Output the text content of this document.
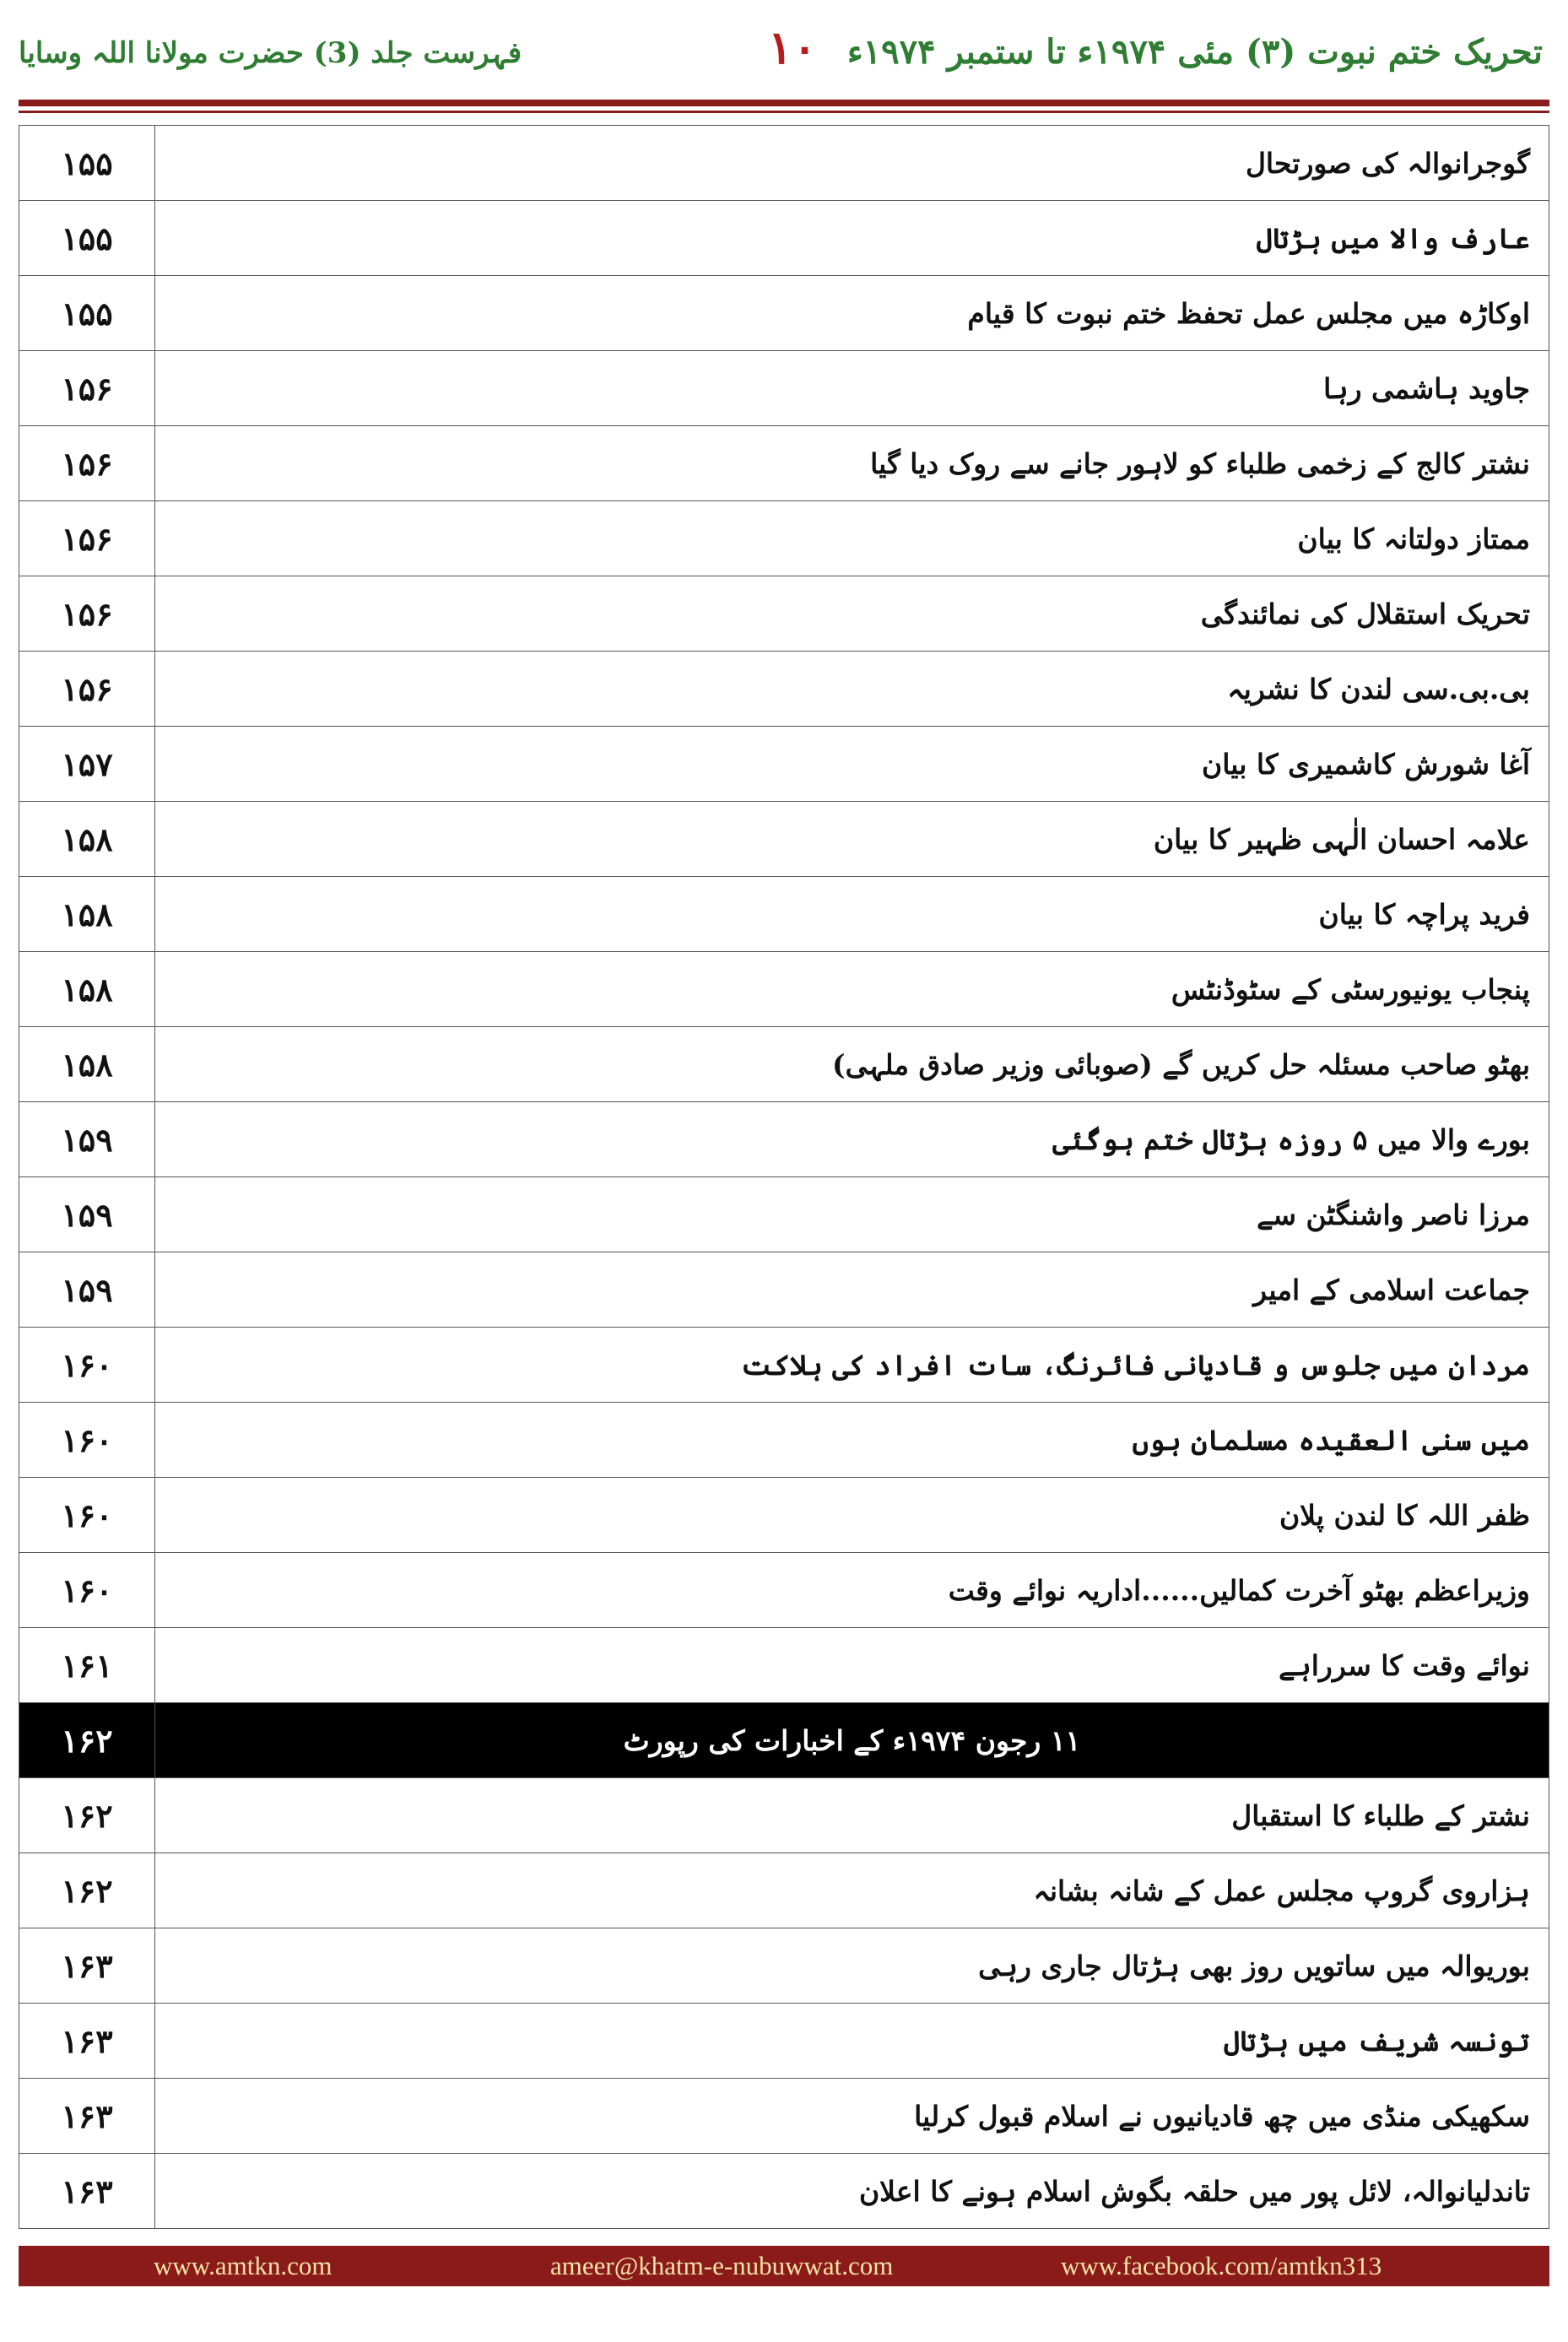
فہرست جلد (3) حضرت مولانا اللہ وسایا	۱۰ تحریک ختم نبوت (۳) مئی ۱۹۷۴ء تا ستمبر ۱۹۷۴ء
۱۵۵	گوجرانوالہ کی صورتحال
۱۵۵	عارف والا میں ہڑتال
۱۵۵	اوکاڑہ میں مجلس عمل تحفظ ختم نبوت کا قیام
۱۵۶	جاوید ہاشمی رہا
۱۵۶	نشتر کالج کے زخمی طلباء کو لاہور جانے سے روک دیا گیا
۱۵۶	ممتاز دولتانہ کا بیان
۱۵۶	تحریک استقلال کی نمائندگی
۱۵۶	بی.بی.سی لندن کا نشریہ
۱۵۷	آغا شورش کاشمیری کا بیان
۱۵۸	علامہ احسان الٰہی ظہیر کا بیان
۱۵۸	فرید پراچہ کا بیان
۱۵۸	پنجاب یونیورسٹی کے سٹوڈنٹس
۱۵۸	بھٹو صاحب مسئلہ حل کریں گے (صوبائی وزیر صادق ملہی)
۱۵۹	بورے والا میں ۵ روزہ ہڑتال ختم ہوگئی
۱۵۹	مرزا ناصر واشنگٹن سے
۱۵۹	جماعت اسلامی کے امیر
۱۶۰	مردان میں جلوس و قادیانی فائرنگ، سات افراد کی ہلاکت
۱۶۰	میں سنی العقیدہ مسلمان ہوں
۱۶۰	ظفر اللہ کا لندن پلان
۱۶۰	وزیراعظم بھٹو آخرت کمالیں......اداریہ نوائے وقت
۱۶۱	نوائے وقت کا سرراہے
۱۶۲	۱۱ رجون ۱۹۷۴ء کے اخبارات کی رپورٹ
۱۶۲	نشتر کے طلباء کا استقبال
۱۶۲	ہزاروی گروپ مجلس عمل کے شانہ بشانہ
۱۶۳	بوریوالہ میں ساتویں روز بھی ہڑتال جاری رہی
۱۶۳	تونسہ شریف میں ہڑتال
۱۶۳	سکھیکی منڈی میں چھ قادیانیوں نے اسلام قبول کرلیا
۱۶۳	تاندلیانوالہ، لائل پور میں حلقہ بگوش اسلام ہونے کا اعلان
www.amtkn.com	ameer@khatm-e-nubuwwat.com	www.facebook.com/amtkn313
